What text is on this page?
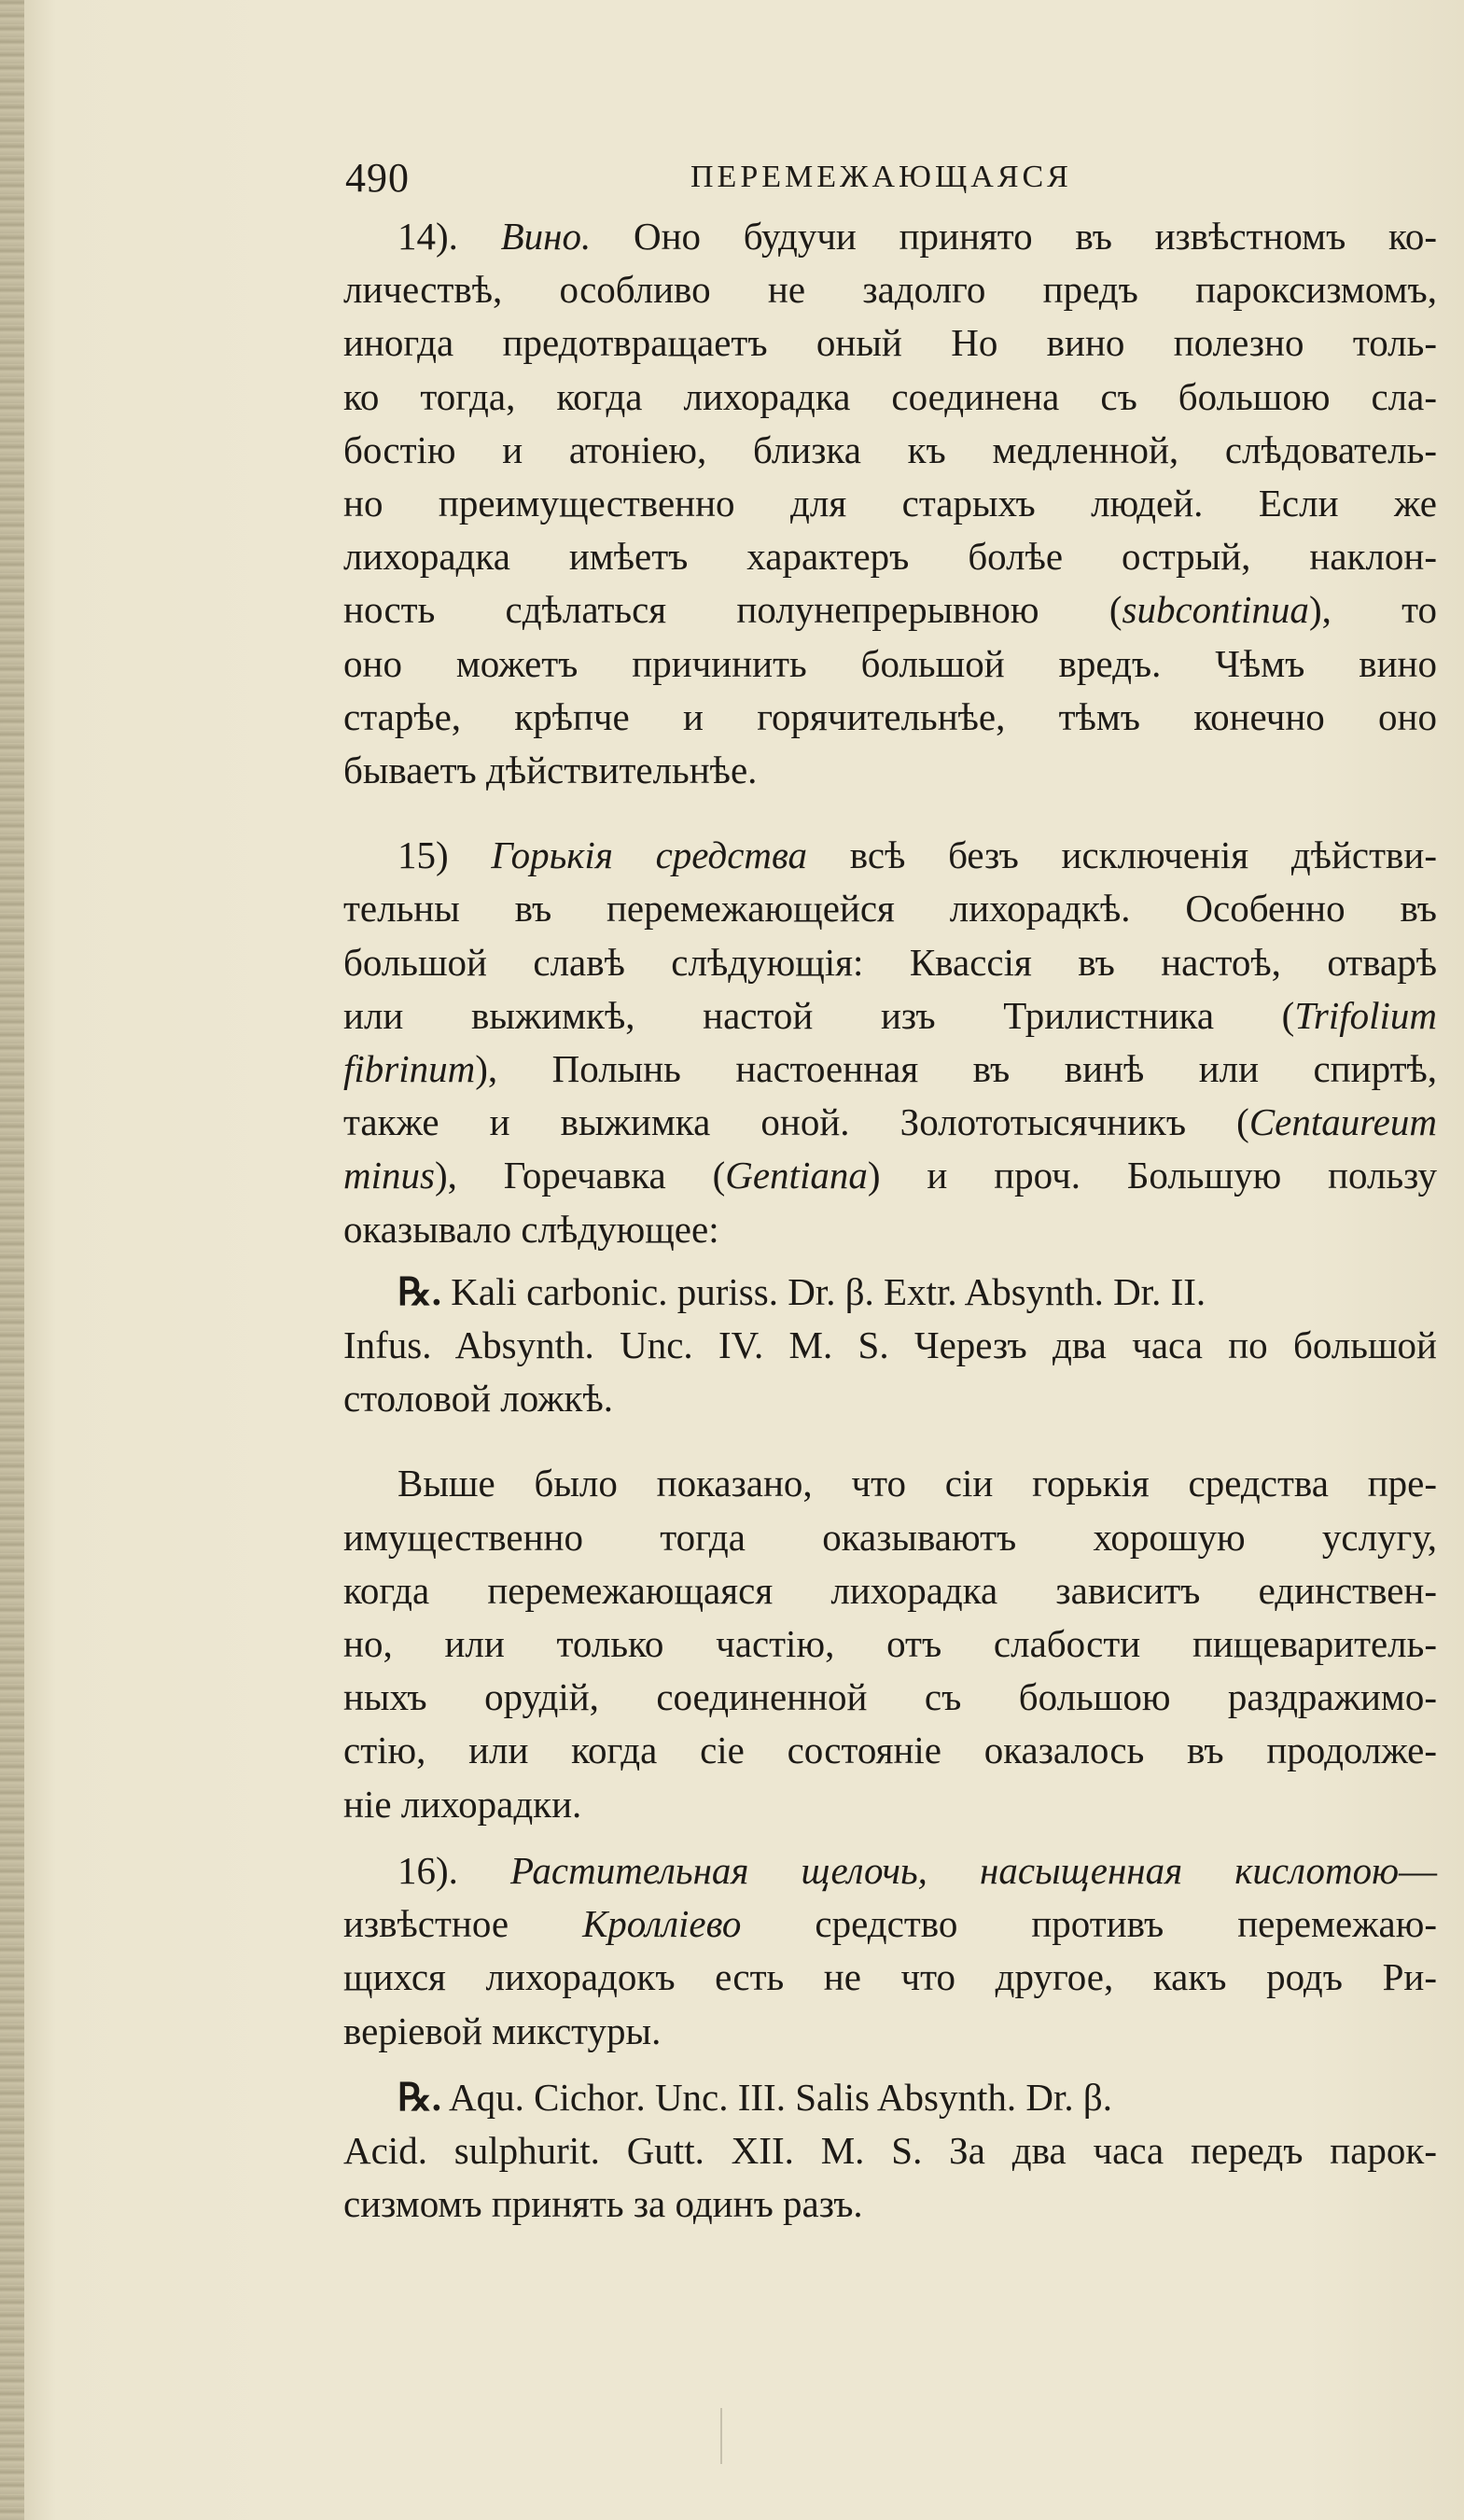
490	ПЕРЕМЕЖАЮЩАЯСЯ
14). Вино. Оно будучи принято въ извѣстномъ ко-
личествѣ, особливо не задолго предъ пароксизмомъ,
иногда предотвращаетъ оный Но вино полезно толь-
ко тогда, когда лихорадка соединена съ большою сла-
бостію и атоніею, близка къ медленной, слѣдователь-
но преимущественно для старыхъ людей. Если же
лихорадка имѣетъ характеръ болѣе острый, наклон-
ность сдѣлаться полунепрерывною (subcontinua), то
оно можетъ причинить большой вредъ. Чѣмъ вино
старѣе, крѣпче и горячительнѣе, тѣмъ конечно оно
бываетъ дѣйствительнѣе.
15) Горькія средства всѣ безъ исключенія дѣйстви-
тельны въ перемежающейся лихорадкѣ. Особенно въ
большой славѣ слѣдующія: Квассія въ настоѣ, отварѣ
или выжимкѣ, настой изъ Трилистника (Trifolium
fibrinum), Полынь настоенная въ винѣ или спиртѣ,
также и выжимка оной. Золототысячникъ (Centaureum
minus), Горечавка (Gentiana) и проч. Большую пользу
оказывало слѣдующее:
℞. Kali carbonic. puriss. Dr. β. Extr. Absynth. Dr. II.
Infus. Absynth. Unc. IV. M. S. Черезъ два часа по большой
столовой ложкѣ.
Выше было показано, что сіи горькія средства пре-
имущественно тогда оказываютъ хорошую услугу,
когда перемежающаяся лихорадка зависитъ единствен-
но, или только частію, отъ слабости пищеваритель-
ныхъ орудій, соединенной съ большою раздражимо-
стію, или когда сіе состояніе оказалось въ продолже-
ніе лихорадки.
16). Растительная щелочь, насыщенная кислотою—
извѣстное Кролліево средство противъ перемежаю-
щихся лихорадокъ есть не что другое, какъ родъ Ри-
веріевой микстуры.
℞. Aqu. Cichor. Unc. III. Salis Absynth. Dr. β.
Acid. sulphurit. Gutt. XII. M. S. За два часа передъ парок-
сизмомъ принять за одинъ разъ.
